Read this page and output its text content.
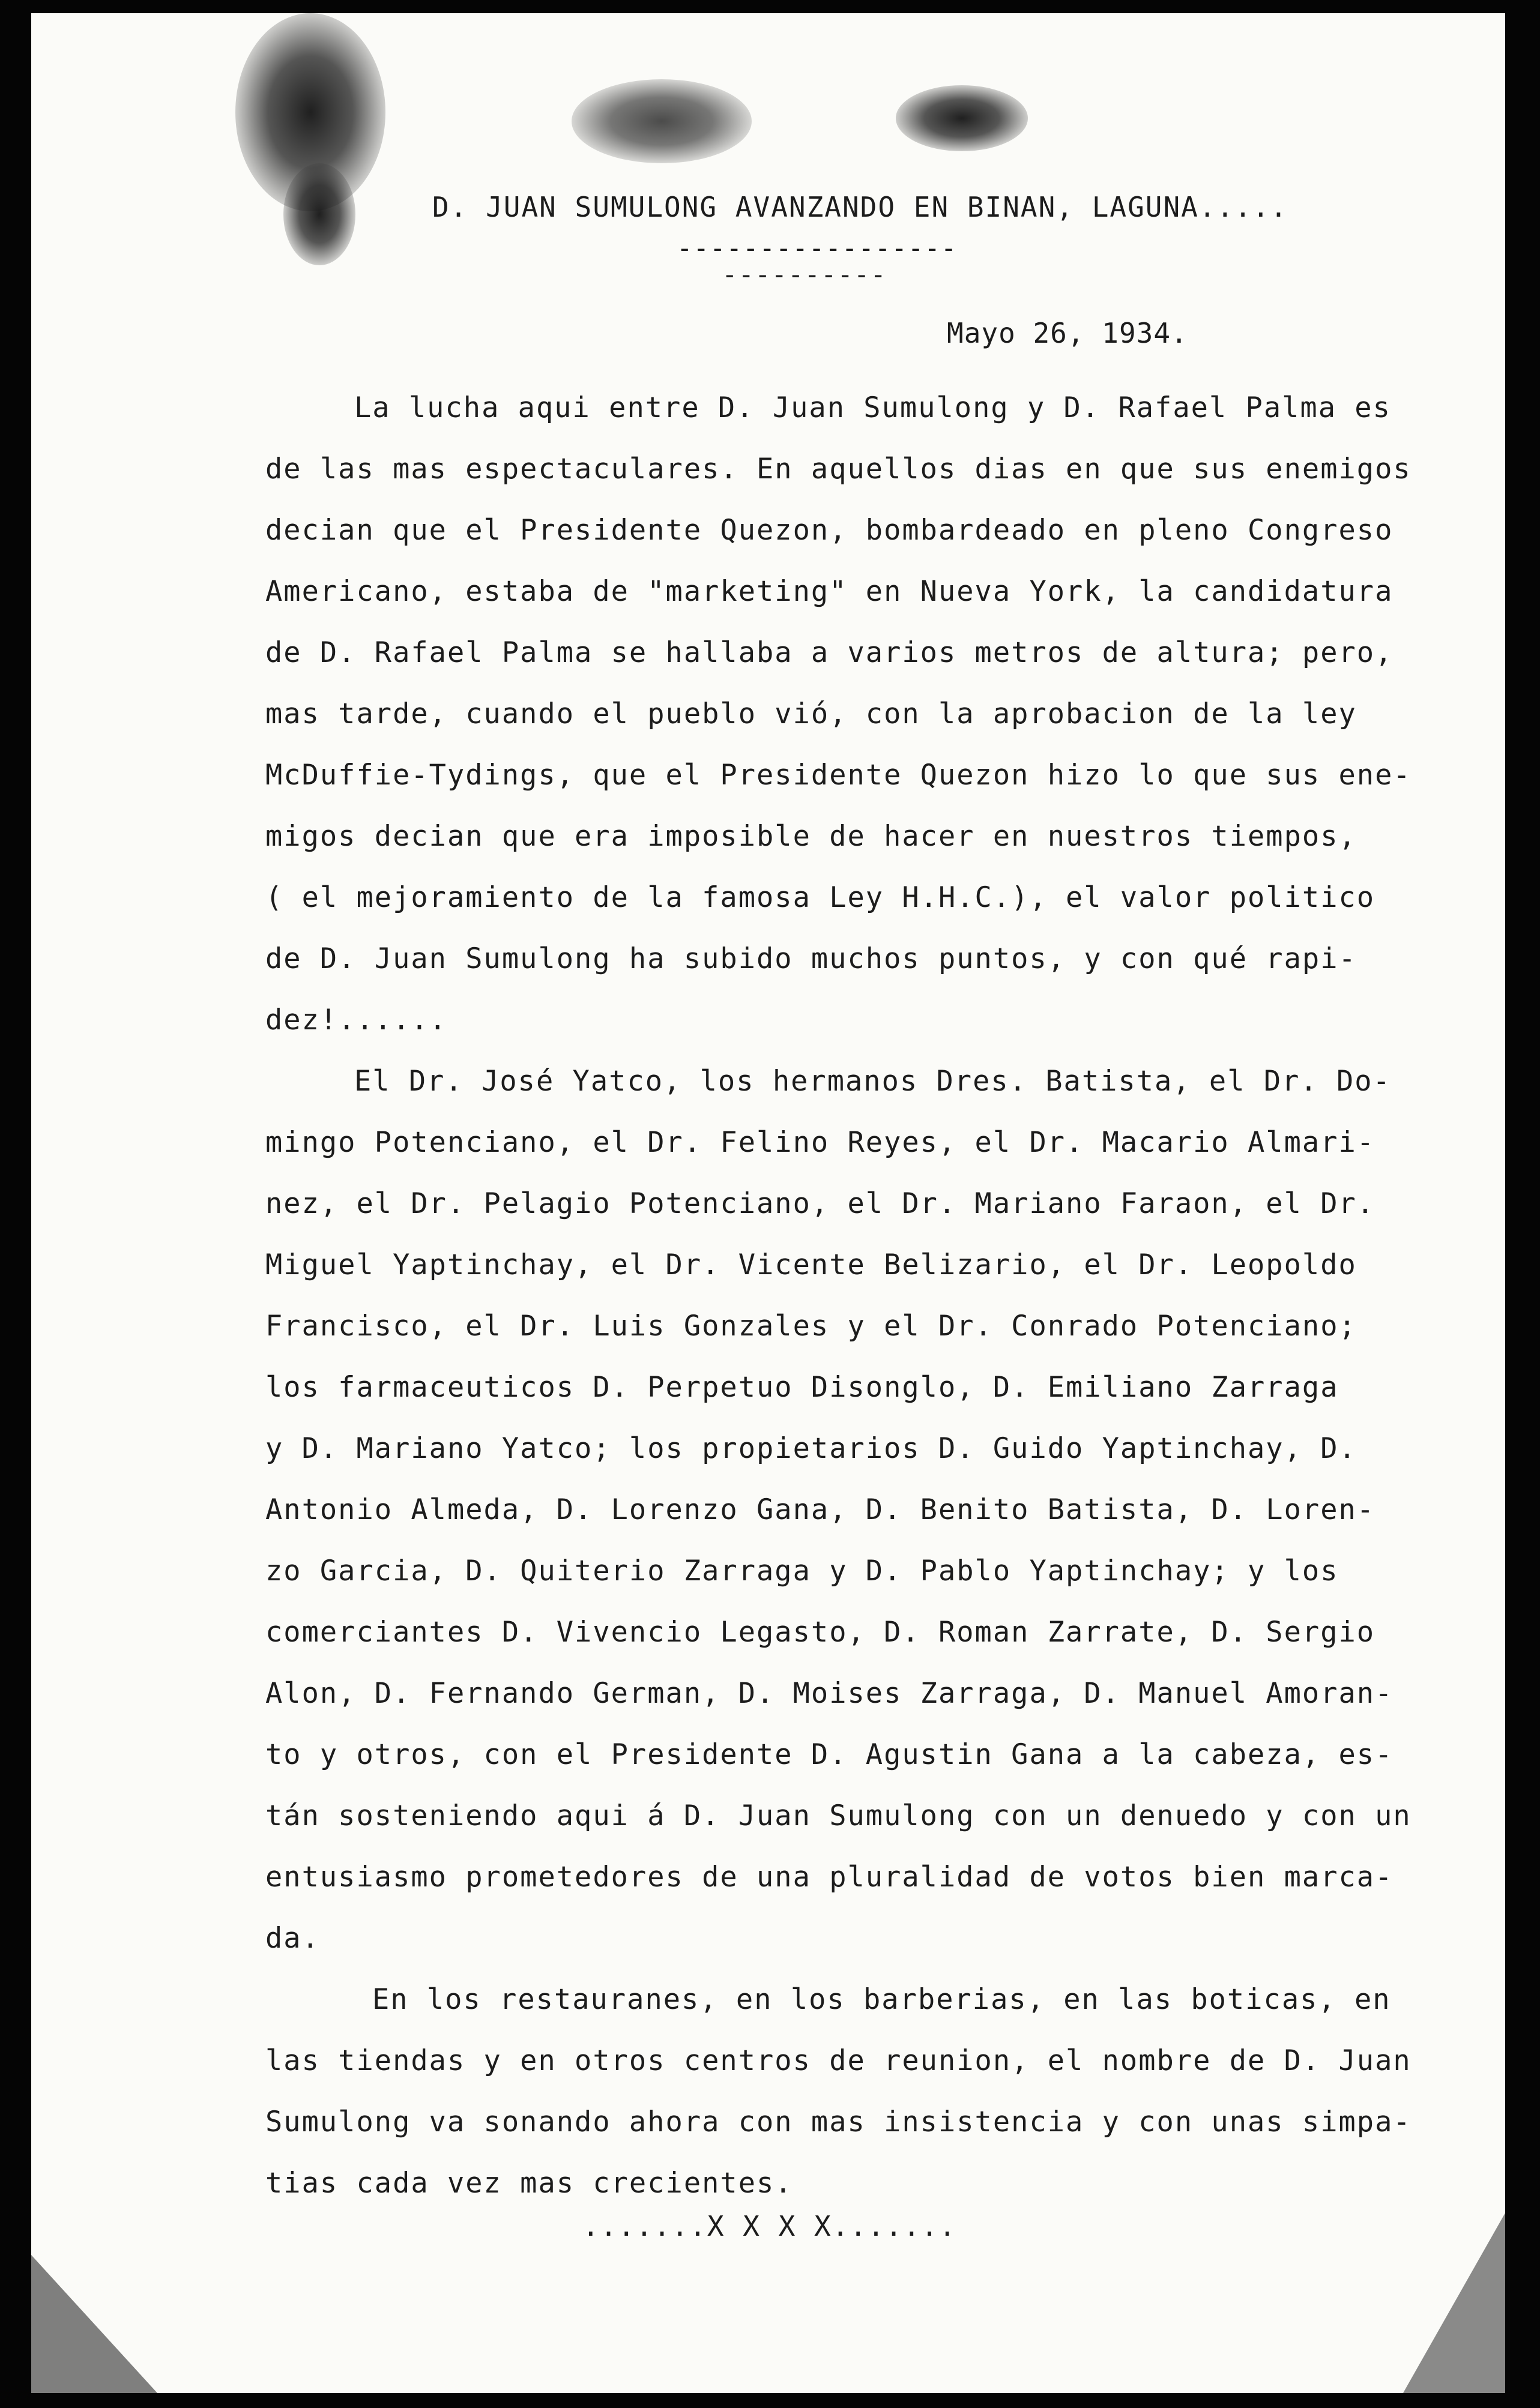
D. JUAN SUMULONG AVANZANDO EN BINAN, LAGUNA.....
-----------------
----------
Mayo 26, 1934.
La lucha aqui entre D. Juan Sumulong y D. Rafael Palma es
de las mas espectaculares. En aquellos dias en que sus enemigos
decian que el Presidente Quezon, bombardeado en pleno Congreso
Americano, estaba de "marketing" en Nueva York, la candidatura
de D. Rafael Palma se hallaba a varios metros de altura; pero,
mas tarde, cuando el pueblo vió, con la aprobacion de la ley
McDuffie-Tydings, que el Presidente Quezon hizo lo que sus ene-
migos decian que era imposible de hacer en nuestros tiempos,
( el mejoramiento de la famosa Ley H.H.C.), el valor politico
de D. Juan Sumulong ha subido muchos puntos, y con qué rapi-
dez!......
El Dr. José Yatco, los hermanos Dres. Batista, el Dr. Do-
mingo Potenciano, el Dr. Felino Reyes, el Dr. Macario Almari-
nez, el Dr. Pelagio Potenciano, el Dr. Mariano Faraon, el Dr.
Miguel Yaptinchay, el Dr. Vicente Belizario, el Dr. Leopoldo
Francisco, el Dr. Luis Gonzales y el Dr. Conrado Potenciano;
los farmaceuticos D. Perpetuo Disonglo, D. Emiliano Zarraga
y D. Mariano Yatco; los propietarios D. Guido Yaptinchay, D.
Antonio Almeda, D. Lorenzo Gana, D. Benito Batista, D. Loren-
zo Garcia, D. Quiterio Zarraga y D. Pablo Yaptinchay; y los
comerciantes D. Vivencio Legasto, D. Roman Zarrate, D. Sergio
Alon, D. Fernando German, D. Moises Zarraga, D. Manuel Amoran-
to y otros, con el Presidente D. Agustin Gana a la cabeza, es-
tán sosteniendo aqui á D. Juan Sumulong con un denuedo y con un
entusiasmo prometedores de una pluralidad de votos bien marca-
da.
En los restauranes, en los barberias, en las boticas, en
las tiendas y en otros centros de reunion, el nombre de D. Juan
Sumulong va sonando ahora con mas insistencia y con unas simpa-
tias cada vez mas crecientes.
.......X X X X.......
